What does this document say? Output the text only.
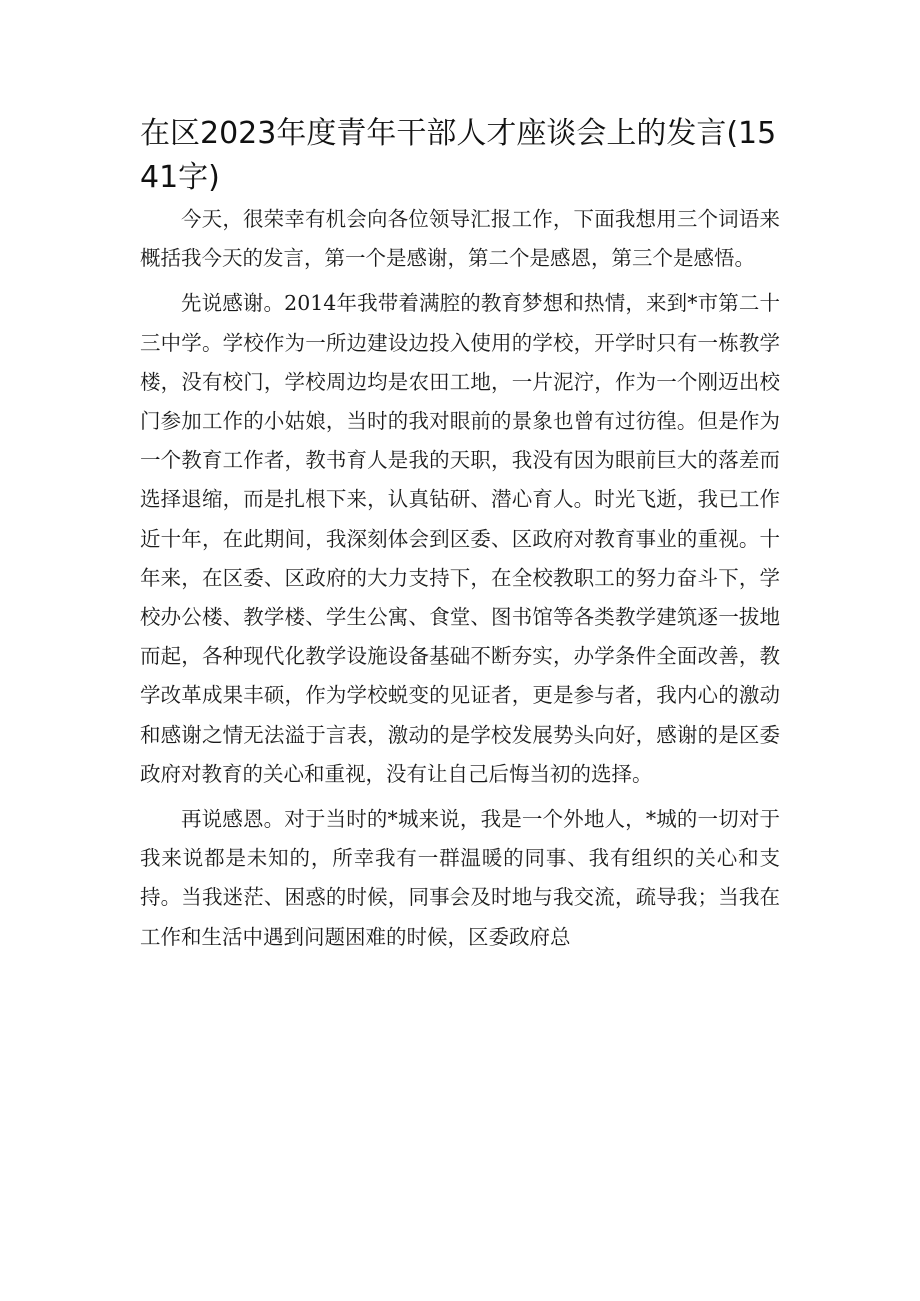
在区2023年度青年干部人才座谈会上的发言(1541字)

今天，很荣幸有机会向各位领导汇报工作，下面我想用三个词语来概括我今天的发言，第一个是感谢，第二个是感恩，第三个是感悟。

先说感谢。2014年我带着满腔的教育梦想和热情，来到*市第二十三中学。学校作为一所边建设边投入使用的学校，开学时只有一栋教学楼，没有校门，学校周边均是农田工地，一片泥泞，作为一个刚迈出校门参加工作的小姑娘，当时的我对眼前的景象也曾有过彷徨。但是作为一个教育工作者，教书育人是我的天职，我没有因为眼前巨大的落差而选择退缩，而是扎根下来，认真钻研、潜心育人。时光飞逝，我已工作近十年，在此期间，我深刻体会到区委、区政府对教育事业的重视。十年来，在区委、区政府的大力支持下，在全校教职工的努力奋斗下，学校办公楼、教学楼、学生公寓、食堂、图书馆等各类教学建筑逐一拔地而起，各种现代化教学设施设备基础不断夯实，办学条件全面改善，教学改革成果丰硕，作为学校蜕变的见证者，更是参与者，我内心的激动和感谢之情无法溢于言表，激动的是学校发展势头向好，感谢的是区委政府对教育的关心和重视，没有让自己后悔当初的选择。

再说感恩。对于当时的*城来说，我是一个外地人，*城的一切对于我来说都是未知的，所幸我有一群温暖的同事、我有组织的关心和支持。当我迷茫、困惑的时候，同事会及时地与我交流，疏导我；当我在工作和生活中遇到问题困难的时候，区委政府总
